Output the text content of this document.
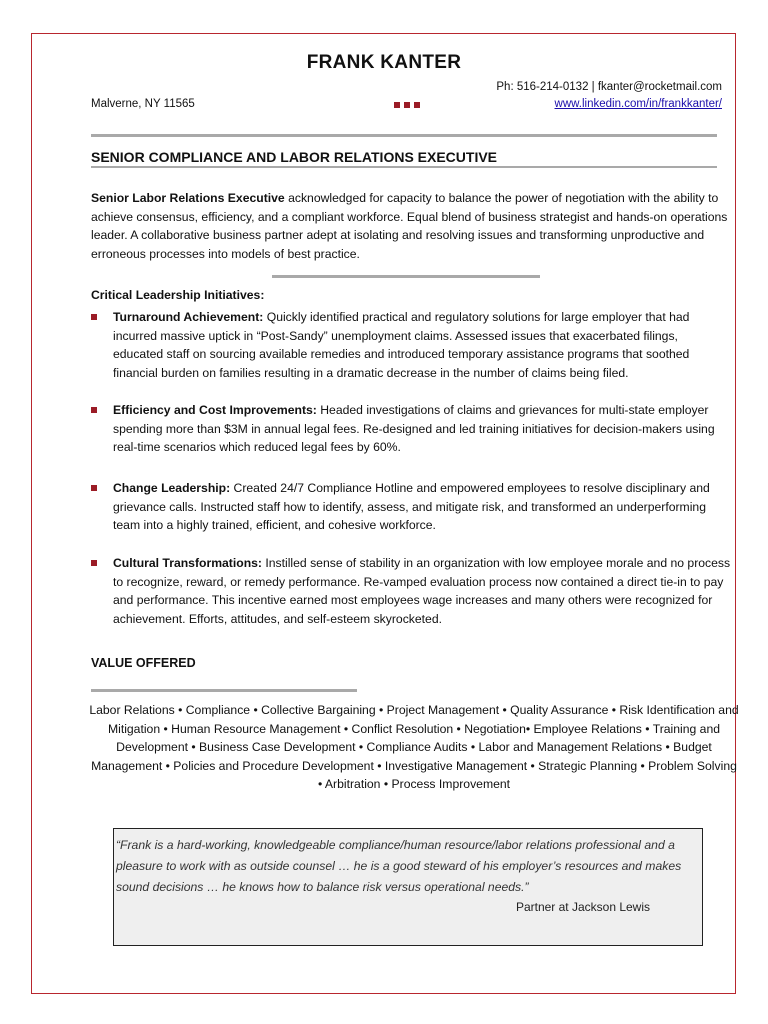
FRANK KANTER
Ph: 516-214-0132 | fkanter@rocketmail.com
Malverne, NY 11565	www.linkedin.com/in/frankkanter/
SENIOR COMPLIANCE AND LABOR RELATIONS EXECUTIVE
Senior Labor Relations Executive acknowledged for capacity to balance the power of negotiation with the ability to achieve consensus, efficiency, and a compliant workforce. Equal blend of business strategist and hands-on operations leader. A collaborative business partner adept at isolating and resolving issues and transforming unproductive and erroneous processes into models of best practice.
Critical Leadership Initiatives:
Turnaround Achievement: Quickly identified practical and regulatory solutions for large employer that had incurred massive uptick in “Post-Sandy” unemployment claims. Assessed issues that exacerbated filings, educated staff on sourcing available remedies and introduced temporary assistance programs that soothed financial burden on families resulting in a dramatic decrease in the number of claims being filed.
Efficiency and Cost Improvements: Headed investigations of claims and grievances for multi-state employer spending more than $3M in annual legal fees. Re-designed and led training initiatives for decision-makers using real-time scenarios which reduced legal fees by 60%.
Change Leadership: Created 24/7 Compliance Hotline and empowered employees to resolve disciplinary and grievance calls. Instructed staff how to identify, assess, and mitigate risk, and transformed an underperforming team into a highly trained, efficient, and cohesive workforce.
Cultural Transformations: Instilled sense of stability in an organization with low employee morale and no process to recognize, reward, or remedy performance. Re-vamped evaluation process now contained a direct tie-in to pay and performance. This incentive earned most employees wage increases and many others were recognized for achievement. Efforts, attitudes, and self-esteem skyrocketed.
VALUE OFFERED
Labor Relations • Compliance • Collective Bargaining • Project Management • Quality Assurance • Risk Identification and Mitigation • Human Resource Management • Conflict Resolution • Negotiation• Employee Relations • Training and Development • Business Case Development • Compliance Audits • Labor and Management Relations • Budget Management • Policies and Procedure Development • Investigative Management • Strategic Planning • Problem Solving • Arbitration • Process Improvement
“Frank is a hard-working, knowledgeable compliance/human resource/labor relations professional and a pleasure to work with as outside counsel … he is a good steward of his employer’s resources and makes sound decisions … he knows how to balance risk versus operational needs.”
Partner at Jackson Lewis
